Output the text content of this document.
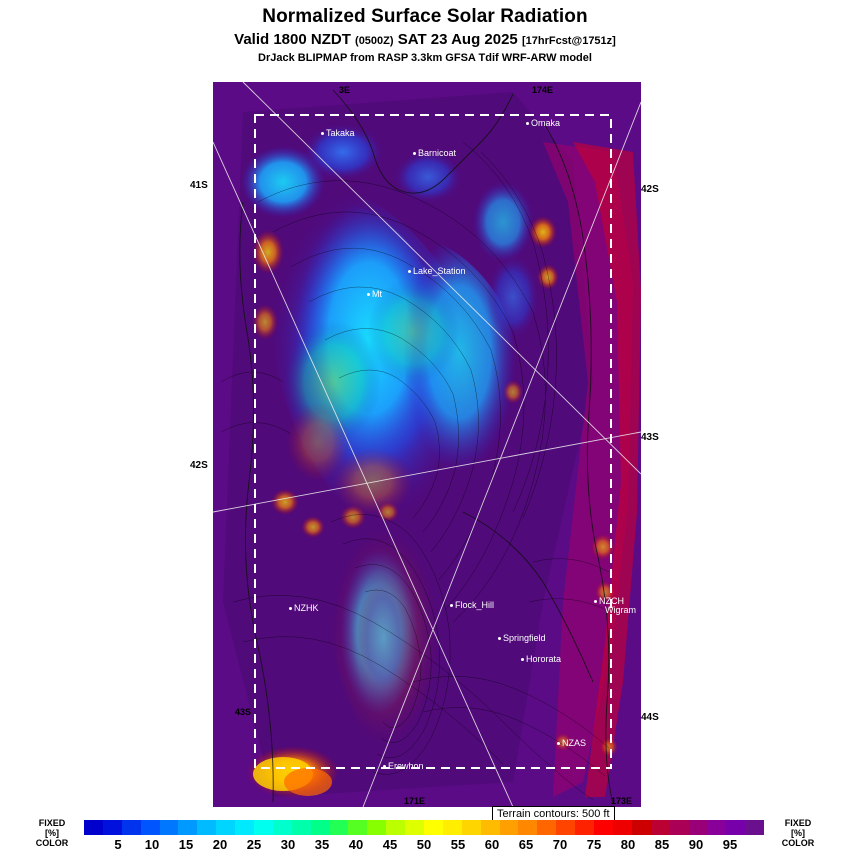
Normalized Surface Solar Radiation
Valid 1800 NZDT (0500Z) SAT 23 Aug 2025 [17hrFcst@1751z]
DrJack BLIPMAP from RASP 3.3km GFSA Tdif WRF-ARW model
Takaka
Omaka
Barnicoat
Lake_Station
Mt
NZHK	Flock_Hill	NZCH
Wigram
Springfield
Hororata
NZAS
Erewhon
3E	174E
43S
171E	173E
41S
42S
42S
43S
44S
Terrain contours: 500 ft
FIXED
[%]
COLOR
FIXED
[%]
COLOR
5 10 15 20 25 30 35 40 45 50 55 60 65 70 75 80 85 90 95
